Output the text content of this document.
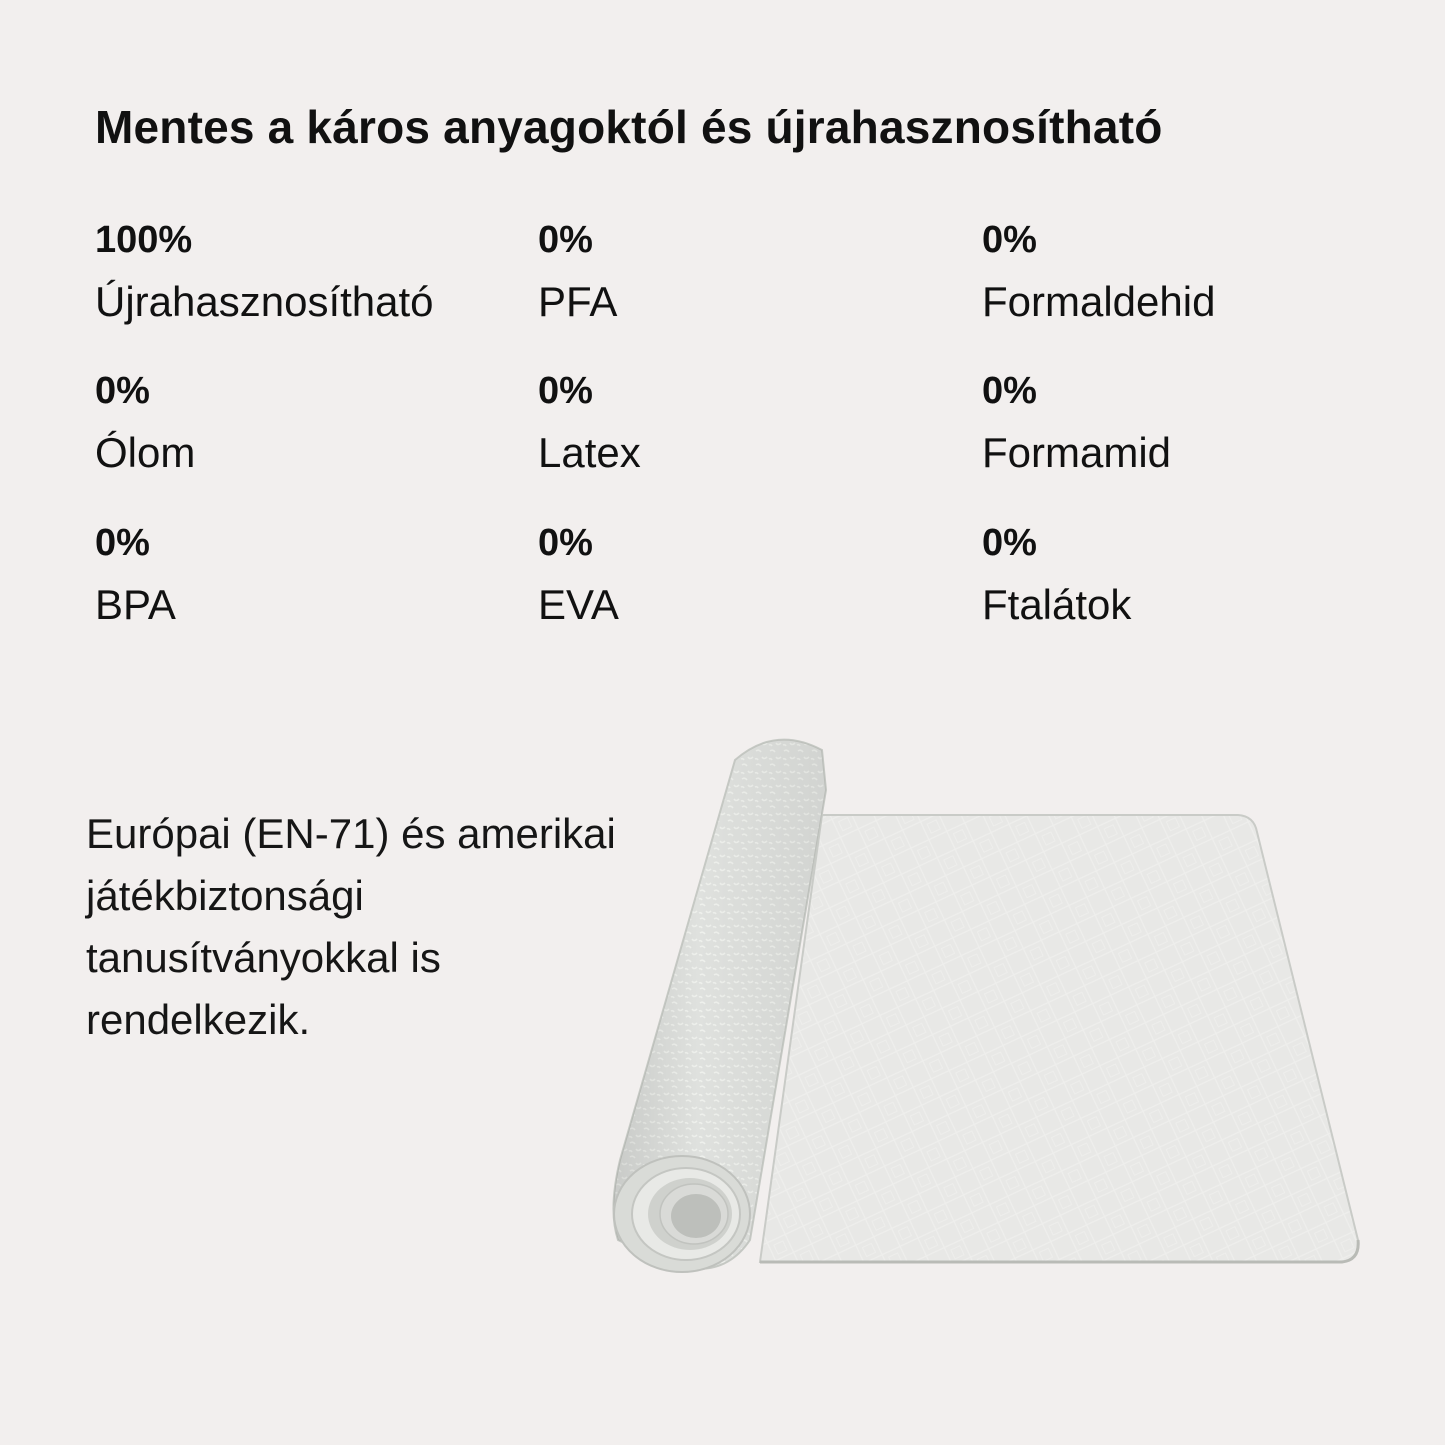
Mentes a káros anyagoktól és újrahasznosítható
100%
Újrahasznosítható
0%
PFA
0%
Formaldehid
0%
Ólom
0%
Latex
0%
Formamid
0%
BPA
0%
EVA
0%
Ftalátok

Európai (EN-71) és amerikai játékbiztonsági tanusítványokkal is rendelkezik.
